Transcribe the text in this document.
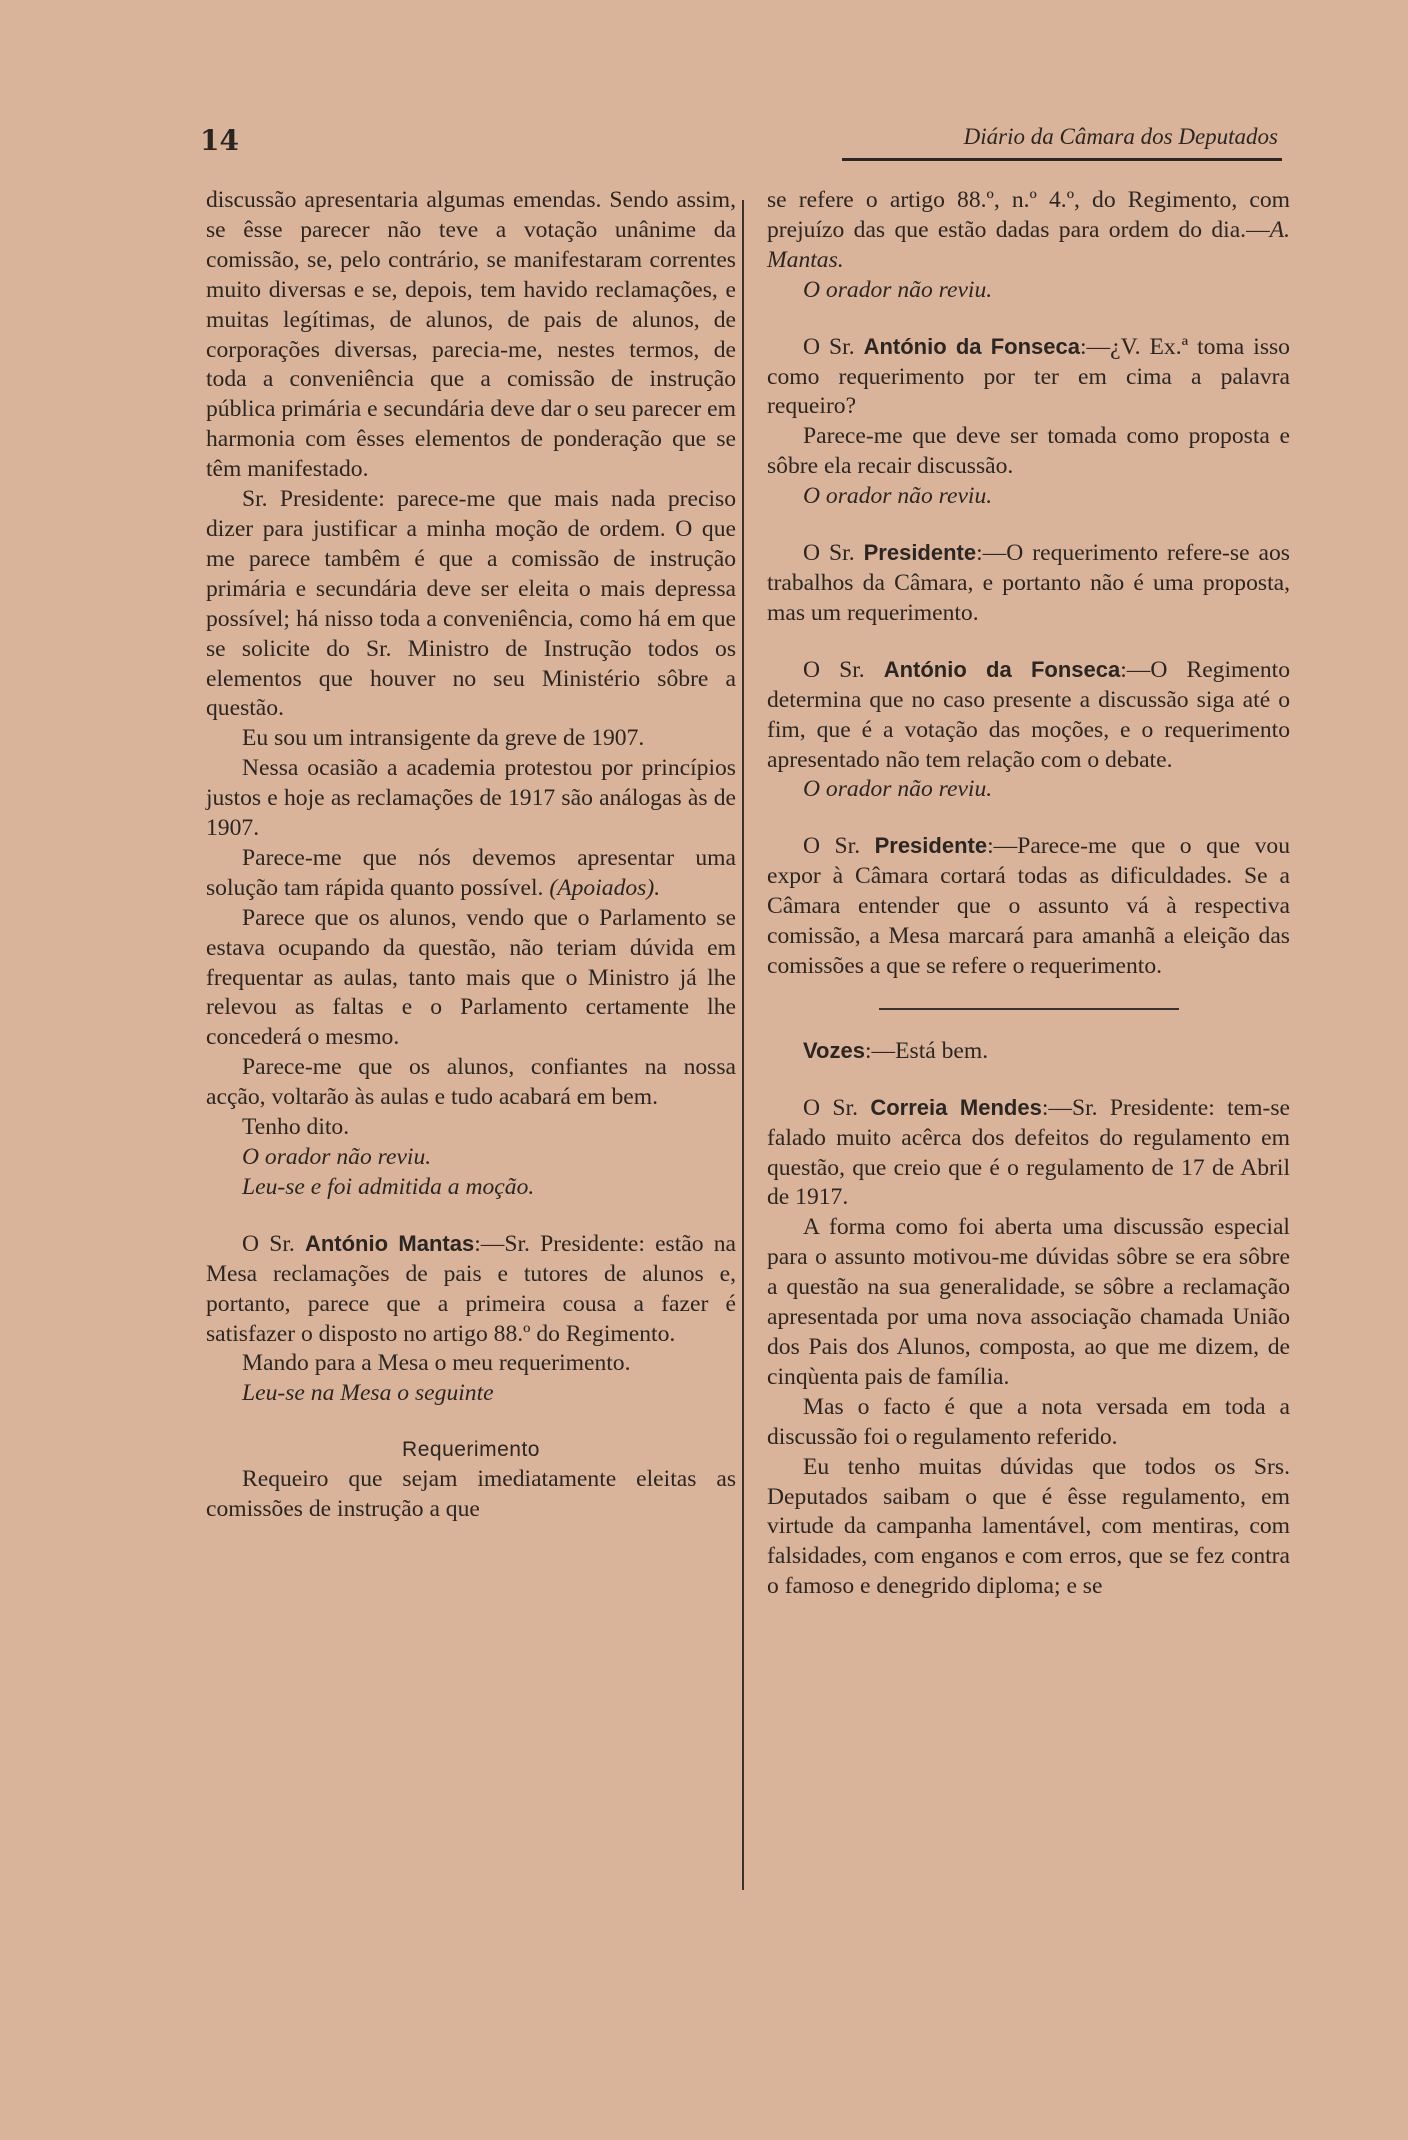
14	Diário da Câmara dos Deputados

discussão apresentaria algumas emendas. Sendo assim, se êsse parecer não teve a votação unânime da comissão, se, pelo contrário, se manifestaram correntes muito diversas e se, depois, tem havido reclamações, e muitas legítimas, de alunos, de pais de alunos, de corporações diversas, parecia-me, nestes termos, de toda a conveniência que a comissão de instrução pública primária e secundária deve dar o seu parecer em harmonia com êsses elementos de ponderação que se têm manifestado.

Sr. Presidente: parece-me que mais nada preciso dizer para justificar a minha moção de ordem. O que me parece tambêm é que a comissão de instrução primária e secundária deve ser eleita o mais depressa possível; há nisso toda a conveniência, como há em que se solicite do Sr. Ministro de Instrução todos os elementos que houver no seu Ministério sôbre a questão.

Eu sou um intransigente da greve de 1907.

Nessa ocasião a academia protestou por princípios justos e hoje as reclamações de 1917 são análogas às de 1907.

Parece-me que nós devemos apresentar uma solução tam rápida quanto possível. (Apoiados).

Parece que os alunos, vendo que o Parlamento se estava ocupando da questão, não teriam dúvida em frequentar as aulas, tanto mais que o Ministro já lhe relevou as faltas e o Parlamento certamente lhe concederá o mesmo.

Parece-me que os alunos, confiantes na nossa acção, voltarão às aulas e tudo acabará em bem.

Tenho dito.

O orador não reviu.

Leu-se e foi admitida a moção.

O Sr. António Mantas:—Sr. Presidente: estão na Mesa reclamações de pais e tutores de alunos e, portanto, parece que a primeira cousa a fazer é satisfazer o disposto no artigo 88.º do Regimento.

Mando para a Mesa o meu requerimento.

Leu-se na Mesa o seguinte

Requerimento

Requeiro que sejam imediatamente eleitas as comissões de instrução a que

se refere o artigo 88.º, n.º 4.º, do Regimento, com prejuízo das que estão dadas para ordem do dia.—A. Mantas.

O orador não reviu.

O Sr. António da Fonseca:—¿V. Ex.ª toma isso como requerimento por ter em cima a palavra requeiro?

Parece-me que deve ser tomada como proposta e sôbre ela recair discussão.

O orador não reviu.

O Sr. Presidente:—O requerimento refere-se aos trabalhos da Câmara, e portanto não é uma proposta, mas um requerimento.

O Sr. António da Fonseca:—O Regimento determina que no caso presente a discussão siga até o fim, que é a votação das moções, e o requerimento apresentado não tem relação com o debate.

O orador não reviu.

O Sr. Presidente:—Parece-me que o que vou expor à Câmara cortará todas as dificuldades. Se a Câmara entender que o assunto vá à respectiva comissão, a Mesa marcará para amanhã a eleição das comissões a que se refere o requerimento.

Vozes:—Está bem.

O Sr. Correia Mendes:—Sr. Presidente: tem-se falado muito acêrca dos defeitos do regulamento em questão, que creio que é o regulamento de 17 de Abril de 1917.

A forma como foi aberta uma discussão especial para o assunto motivou-me dúvidas sôbre se era sôbre a questão na sua generalidade, se sôbre a reclamação apresentada por uma nova associação chamada União dos Pais dos Alunos, composta, ao que me dizem, de cinqùenta pais de família.

Mas o facto é que a nota versada em toda a discussão foi o regulamento referido.

Eu tenho muitas dúvidas que todos os Srs. Deputados saibam o que é êsse regulamento, em virtude da campanha lamentável, com mentiras, com falsidades, com enganos e com erros, que se fez contra o famoso e denegrido diploma; e se
